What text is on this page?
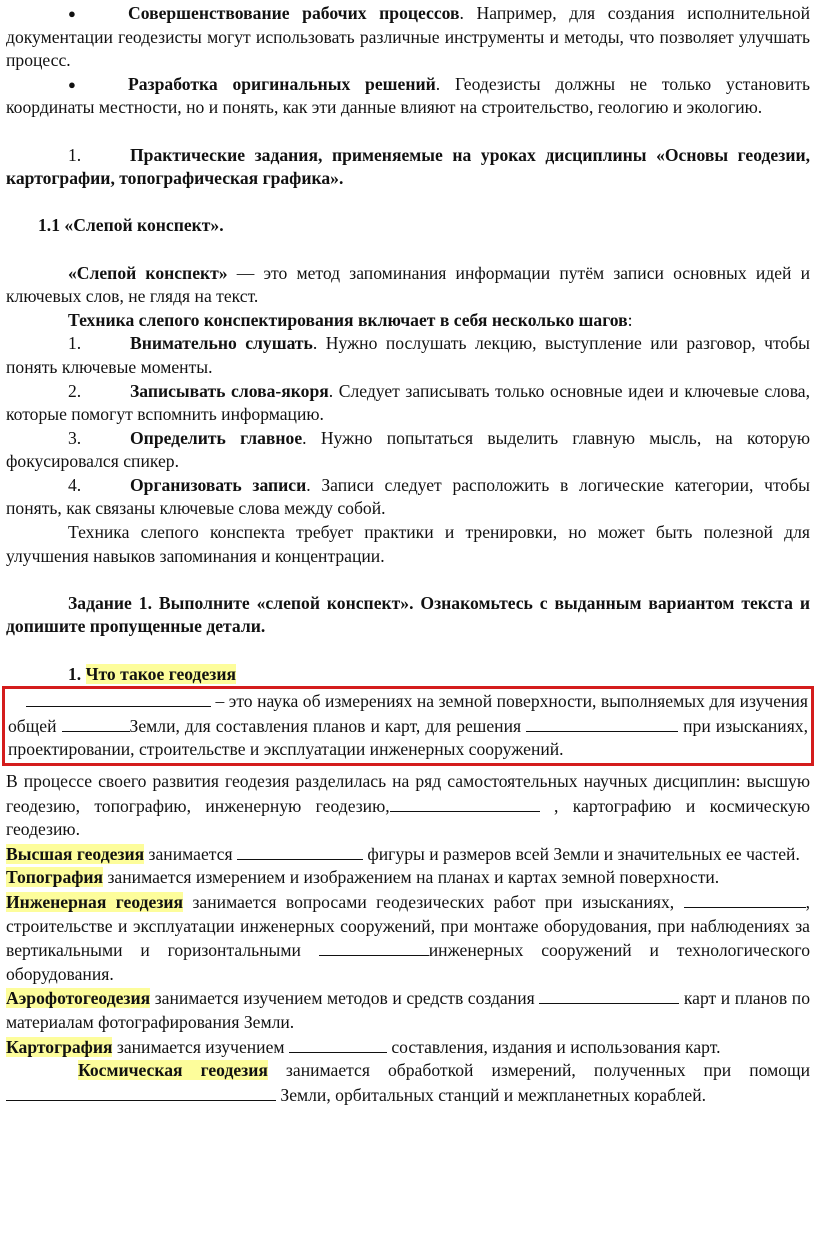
●	Совершенствование рабочих процессов. Например, для создания исполнительной документации геодезисты могут использовать различные инструменты и методы, что позволяет улучшать процесс.

●	Разработка оригинальных решений. Геодезисты должны не только установить координаты местности, но и понять, как эти данные влияют на строительство, геологию и экологию.

1.	Практические задания, применяемые на уроках дисциплины «Основы геодезии, картографии, топографическая графика».

1.1 «Слепой конспект».

«Слепой конспект» — это метод запоминания информации путём записи основных идей и ключевых слов, не глядя на текст.

Техника слепого конспектирования включает в себя несколько шагов:

1.	Внимательно слушать. Нужно послушать лекцию, выступление или разговор, чтобы понять ключевые моменты.

2.	Записывать слова-якоря. Следует записывать только основные идеи и ключевые слова, которые помогут вспомнить информацию.

3.	Определить главное. Нужно попытаться выделить главную мысль, на которую фокусировался спикер.

4.	Организовать записи. Записи следует расположить в логические категории, чтобы понять, как связаны ключевые слова между собой.

Техника слепого конспекта требует практики и тренировки, но может быть полезной для улучшения навыков запоминания и концентрации.

Задание 1. Выполните «слепой конспект». Ознакомьтесь с выданным вариантом текста и допишите пропущенные детали.

1. Что такое геодезия

– это наука об измерениях на земной поверхности, выполняемых для изучения общей	Земли, для составления планов и карт, для решения	при изысканиях, проектировании, строительстве и эксплуатации инженерных сооружений.

В процессе своего развития геодезия разделилась на ряд самостоятельных научных дисциплин: высшую геодезию, топографию, инженерную геодезию,	, картографию и космическую геодезию.

Высшая геодезия занимается	фигуры и размеров всей Земли и значительных ее частей.

Топография занимается измерением и изображением на планах и картах земной поверхности.

Инженерная геодезия занимается вопросами геодезических работ при изысканиях,	, строительстве и эксплуатации инженерных сооружений, при монтаже оборудования, при наблюдениях за вертикальными и горизонтальными	инженерных сооружений и технологического оборудования.

Аэрофотогеодезия занимается изучением методов и средств создания	карт и планов по материалам фотографирования Земли.

Картография занимается изучением	составления, издания и использования карт.

Космическая геодезия занимается обработкой измерений, полученных при помощи  Земли, орбитальных станций и межпланетных кораблей.
